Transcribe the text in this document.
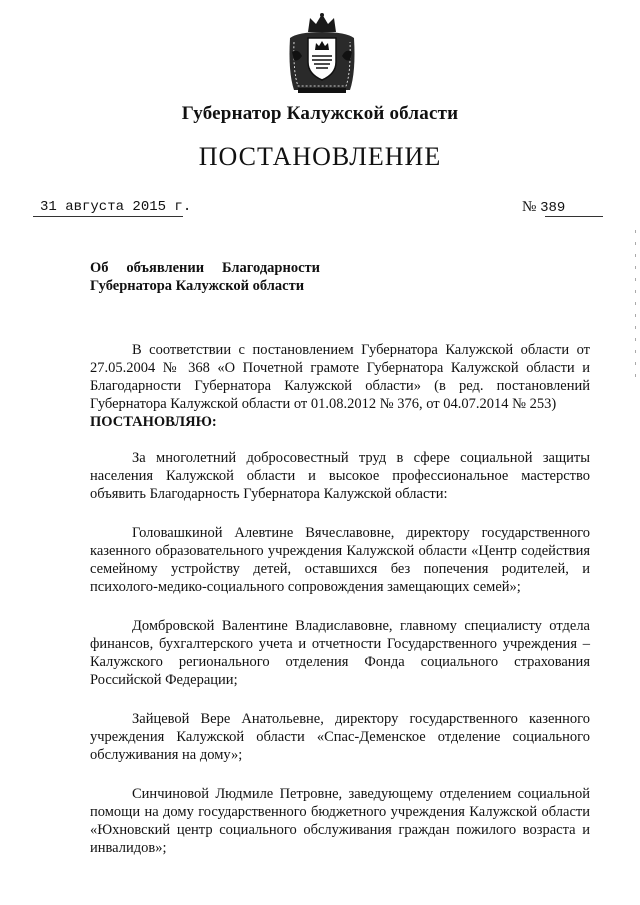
Губернатор Калужской области
ПОСТАНОВЛЕНИЕ
31 августа 2015 г.	№ 389
Об объявлении Благодарности
Губернатора Калужской области

В соответствии с постановлением Губернатора Калужской области от 27.05.2004 № 368 «О Почетной грамоте Губернатора Калужской области и Благодарности Губернатора Калужской области» (в ред. постановлений Губернатора Калужской области от 01.08.2012 № 376, от 04.07.2014 № 253)

ПОСТАНОВЛЯЮ:

За многолетний добросовестный труд в сфере социальной защиты населения Калужской области и высокое профессиональное мастерство объявить Благодарность Губернатора Калужской области:

Головашкиной Алевтине Вячеславовне, директору государственного казенного образовательного учреждения Калужской области «Центр содействия семейному устройству детей, оставшихся без попечения родителей, и психолого-медико-социального сопровождения замещающих семей»;

Домбровской Валентине Владиславовне, главному специалисту отдела финансов, бухгалтерского учета и отчетности Государственного учреждения – Калужского регионального отделения Фонда социального страхования Российской Федерации;

Зайцевой Вере Анатольевне, директору государственного казенного учреждения Калужской области «Спас-Деменское отделение социального обслуживания на дому»;

Синчиновой Людмиле Петровне, заведующему отделением социальной помощи на дому государственного бюджетного учреждения Калужской области «Юхновский центр социального обслуживания граждан пожилого возраста и инвалидов»;
